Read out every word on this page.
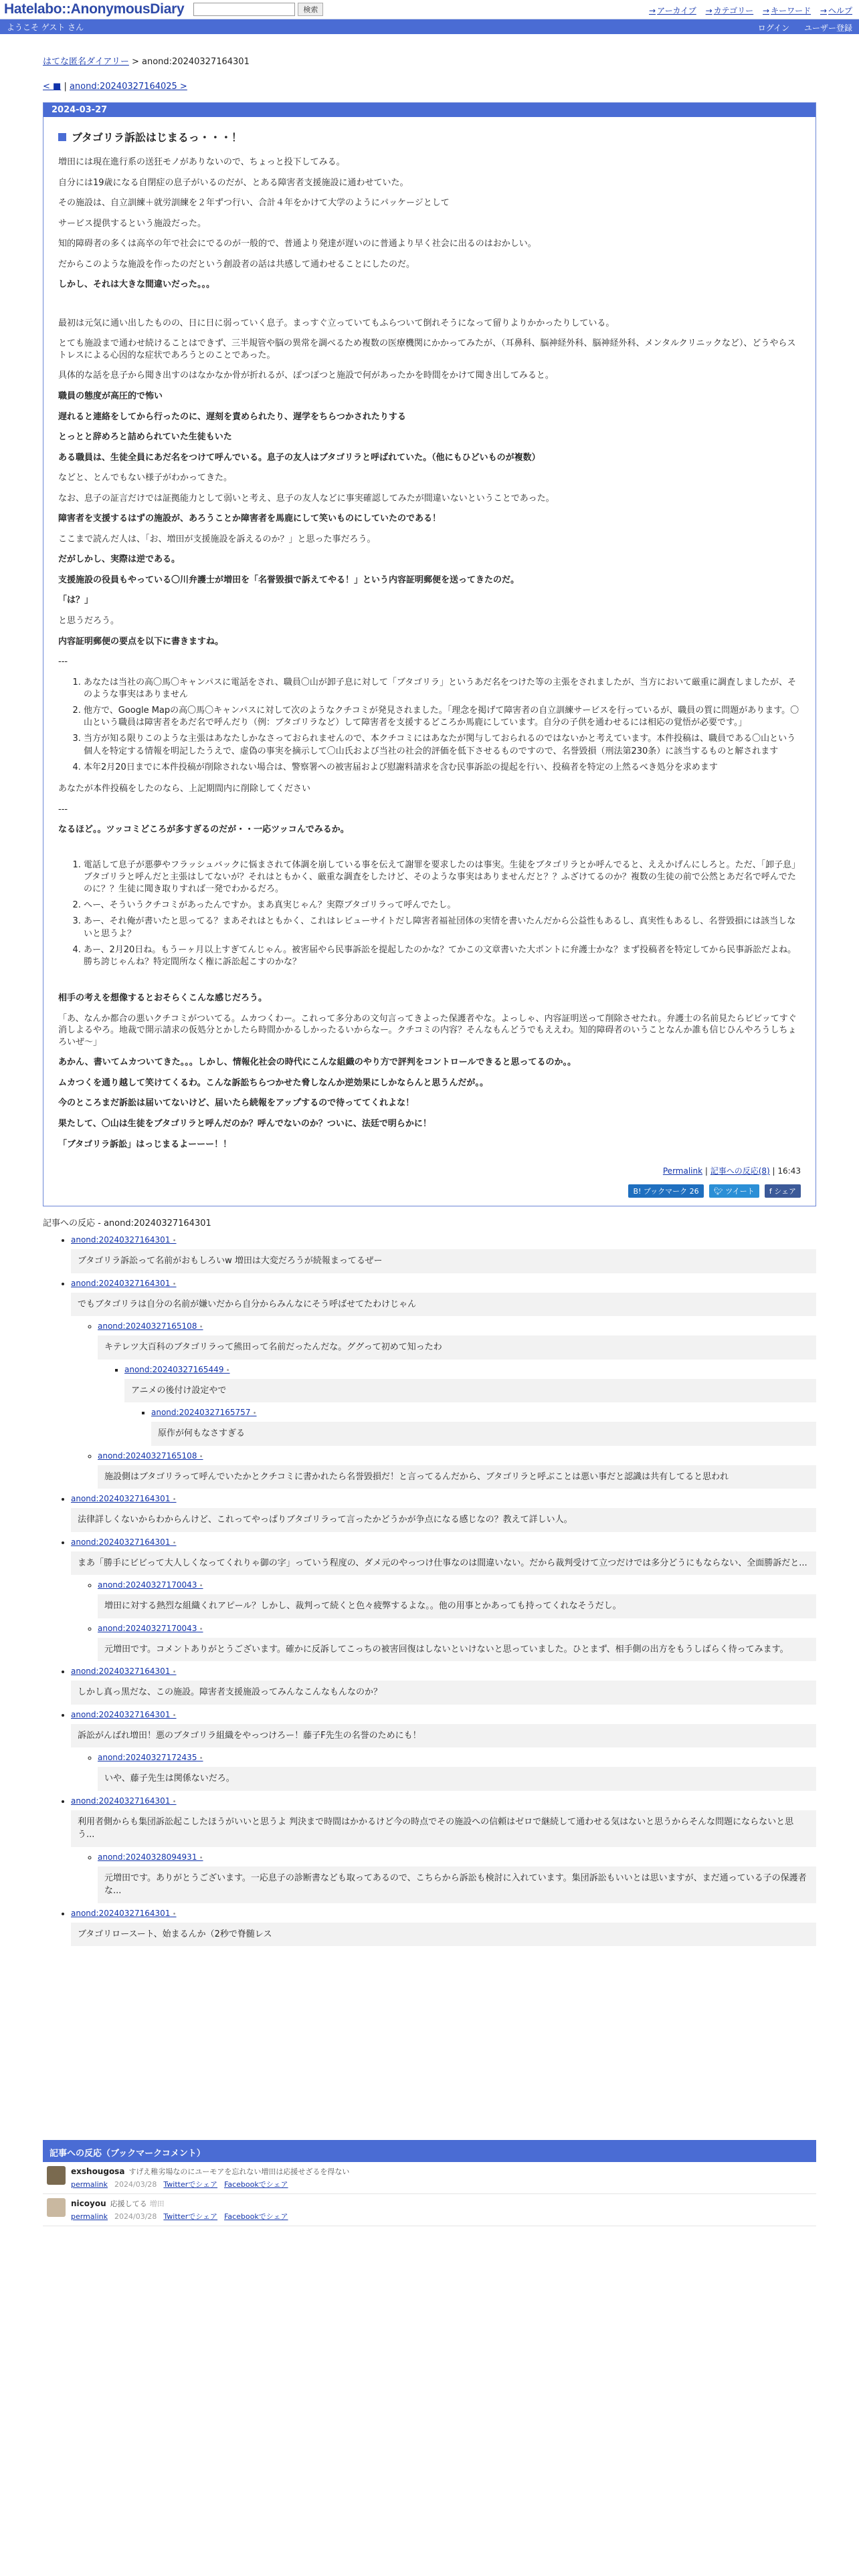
Hatelabo::AnonymousDiary	検索	→ アーカイブ → カテゴリー → キーワード → ヘルプ
ようこそ ゲスト さん	ログイン ユーザー登録
はてな匿名ダイアリー > anond:20240327164301
< ■ | anond:20240327164025 >
2024-03-27
ブタゴリラ訴訟はじまるっ・・・！

増田には現在進行系の送狂モノがありないので、ちょっと投下してみる。

自分には19歳になる自閉症の息子がいるのだが、とある障害者支援施設に通わせていた。

その施設は、自立訓練＋就労訓練を２年ずつ行い、合計４年をかけて大学のようにパッケージとして

サービス提供するという施設だった。

知的障碍者の多くは高卒の年で社会にでるのが一般的で、普通より発達が遅いのに普通より早く社会に出るのはおかしい。

だからこのような施設を作ったのだという創設者の話は共感して通わせることにしたのだ。

しかし、それは大きな間違いだった。。。

最初は元気に通い出したものの、日に日に弱っていく息子。まっすぐ立っていてもふらついて倒れそうになって留りよりかかったりしている。

とても施設まで通わせ続けることはできず、三半規管や脳の異常を調べるため複数の医療機関にかかってみたが、（耳鼻科、脳神経外科、脳神経外科、メンタルクリニックなど）、どうやらストレスによる心因的な症状であろうとのことであった。

具体的な話を息子から聞き出すのはなかなか骨が折れるが、ぽつぽつと施設で何があったかを時間をかけて聞き出してみると。

職員の態度が高圧的で怖い

遅れると連絡をしてから行ったのに、遅刻を責められたり、遅学をちらつかされたりする

とっとと辞めろと詰められていた生徒もいた

ある職員は、生徒全員にあだ名をつけて呼んでいる。息子の友人はブタゴリラと呼ばれていた。（他にもひどいものが複数）

などと、とんでもない様子がわかってきた。

なお、息子の証言だけでは証拠能力として弱いと考え、息子の友人などに事実確認してみたが間違いないということであった。

障害者を支援するはずの施設が、あろうことか障害者を馬鹿にして笑いものにしていたのである！

ここまで読んだ人は、「お、増田が支援施設を訴えるのか？」と思った事だろう。

だがしかし、実際は逆である。

支援施設の役員もやっている〇川弁護士が増田を「名誉毀損で訴えてやる！」という内容証明郵便を送ってきたのだ。

「は？」

と思うだろう。

内容証明郵便の要点を以下に書きますね。

---

1. あなたは当社の高〇馬〇キャンパスに電話をされ、職員〇山が卸子息に対して「ブタゴリラ」というあだ名をつけた等の主張をされましたが、当方において厳重に調査しましたが、そのような事実はありません
2. 他方で、Google Mapの高〇馬〇キャンパスに対して次のようなクチコミが発見されました。「理念を掲げて障害者の自立訓練サービスを行っているが、職員の質に問題があります。〇山という職員は障害者をあだ名で呼んだり（例：ブタゴリラなど）して障害者を支援するどころか馬鹿にしています。自分の子供を通わせるには相応の覚悟が必要です。」
3. 当方が知る限りこのような主張はあなたしかなさっておられませんので、本クチコミにはあなたが関与しておられるのではないかと考えています。本件投稿は、職員である〇山という個人を特定する情報を明記したうえで、虚偽の事実を摘示して〇山氏および当社の社会的評価を低下させるものですので、名誉毀損（刑法第230条）に該当するものと解されます
4. 本年2月20日までに本件投稿が削除されない場合は、警察署への被害届および慰謝料請求を含む民事訴訟の提起を行い、投稿者を特定の上然るべき処分を求めます

あなたが本件投稿をしたのなら、上記期間内に削除してください

---

なるほど。。ツッコミどころが多すぎるのだが・・一応ツッコんでみるか。

1. 電話して息子が悪夢やフラッシュバックに悩まされて体調を崩している事を伝えて謝罪を要求したのは事実。生徒をブタゴリラとか呼んでると、ええかげんにしろと。ただ、「卸子息」ブタゴリラと呼んだと主張はしてないが？それはともかく、厳重な調査をしたけど、そのような事実はありませんだと？？ふざけてるのか？複数の生徒の前で公然とあだ名で呼んでたのに？？生徒に聞き取りすれば一発でわかるだろ。
2. へー、そういうクチコミがあったんですか。まあ真実じゃん？実際ブタゴリラって呼んでたし。
3. あー、それ俺が書いたと思ってる？まあそれはともかく、これはレビューサイトだし障害者福祉団体の実情を書いたんだから公益性もあるし、真実性もあるし、名誉毀損には該当しないと思うよ？
4. あー、2月20日ね。もうーヶ月以上すぎてんじゃん。被害届やら民事訴訟を提起したのかな？てかこの文章書いた大ポントに弁護士かな？まず投稿者を特定してから民事訴訟だよね。勝ち誇じゃんね？特定間所なく権に訴訟起こすのかな？

相手の考えを想像するとおそらくこんな感じだろう。

「あ、なんか都合の悪いクチコミがついてる。ムカつくわー。これって多分あの文句言ってきよった保護者やな。よっしゃ、内容証明送って削除させたれ。弁護士の名前見たらビビッてすぐ消しよるやろ。地裁で開示請求の仮処分とかしたら時間かかるしかったるいからなー。クチコミの内容？そんなもんどうでもええわ。知的障碍者のいうことなんか誰も信じひんやろうしちょろいぜ～」

あかん、書いてムカついてきた。。。しかし、情報化社会の時代にこんな組織のやり方で評判をコントロールできると思ってるのか。。

ムカつくを通り越して笑けてくるわ。こんな訴訟ちらつかせた脅しなんか逆効果にしかならんと思うんだが。。

今のところまだ訴訟は届いてないけど、届いたら続報をアップするので待っててくれよな！

果たして、〇山は生徒をブタゴリラと呼んだのか？呼んでないのか？ついに、法廷で明らかに！

「ブタゴリラ訴訟」はっじまるよーーー！！

Permalink | 記事への反応(8) | 16:43
B! ブックマーク 26 🐦︎ ツイート f シェア
記事への反応 - anond:20240327164301
• anond:20240327164301 •
ブタゴリラ訴訟って名前がおもしろいw 増田は大変だろうが続報まってるぜー
• anond:20240327164301 •
でもブタゴリラは自分の名前が嫌いだから自分からみんなにそう呼ばせてたわけじゃん
◦ anond:20240327165108 •
キテレツ大百科のブタゴリラって熊田って名前だったんだな。ググって初めて知ったわ
▪ anond:20240327165449 •
アニメの後付け設定やで
▪ anond:20240327165757 •
原作が何もなさすぎる
◦ anond:20240327165108 •
施設側はブタゴリラって呼んでいたかとクチコミに書かれたら名誉毀損だ！と言ってるんだから、ブタゴリラと呼ぶことは悪い事だと認識は共有してると思われ
• anond:20240327164301 •
法律詳しくないからわからんけど、これってやっぱりブタゴリラって言ったかどうかが争点になる感じなの？教えて詳しい人。
• anond:20240327164301 •
まあ「勝手にビビって大人しくなってくれりゃ御の字」っていう程度の、ダメ元のやっつけ仕事なのは間違いない。だから裁判受けて立つだけでは多分どうにもならない、全面勝訴だと...
◦ anond:20240327170043 •
増田に対する熱烈な組織くれアピール？しかし、裁判って続くと色々疲弊するよな。。他の用事とかあっても持ってくれなそうだし。
◦ anond:20240327170043 •
元増田です。コメントありがとうございます。確かに反訴してこっちの被害回復はしないといけないと思っていました。ひとまず、相手側の出方をもうしばらく待ってみます。
• anond:20240327164301 •
しかし真っ黒だな、この施設。障害者支援施設ってみんなこんなもんなのか？
• anond:20240327164301 •
訴訟がんばれ増田！悪のブタゴリラ組織をやっつけろー！藤子F先生の名誉のためにも！
◦ anond:20240327172435 •
いや、藤子先生は関係ないだろ。
• anond:20240327164301 •
利用者側からも集団訴訟起こしたほうがいいと思うよ 判決まで時間はかかるけど今の時点でその施設への信頼はゼロで継続して通わせる気はないと思うからそんな問題にならないと思う...
◦ anond:20240328094931 •
元増田です。ありがとうございます。一応息子の診断書なども取ってあるので、こちらから訴訟も検討に入れています。集団訴訟もいいとは思いますが、まだ通っている子の保護者な...
• anond:20240327164301 •
ブタゴリロースート、始まるんか（2秒で脊髄レス
記事への反応（ブックマークコメント）
exshougosa すげえ稚劣場なのにユーモアを忘れない増田は応援せざるを得ない
permalink 2024/03/28 Twitterでシェア Facebookでシェア
nicoyou 応援してる 増田
permalink 2024/03/28 Twitterでシェア Facebookでシェア
